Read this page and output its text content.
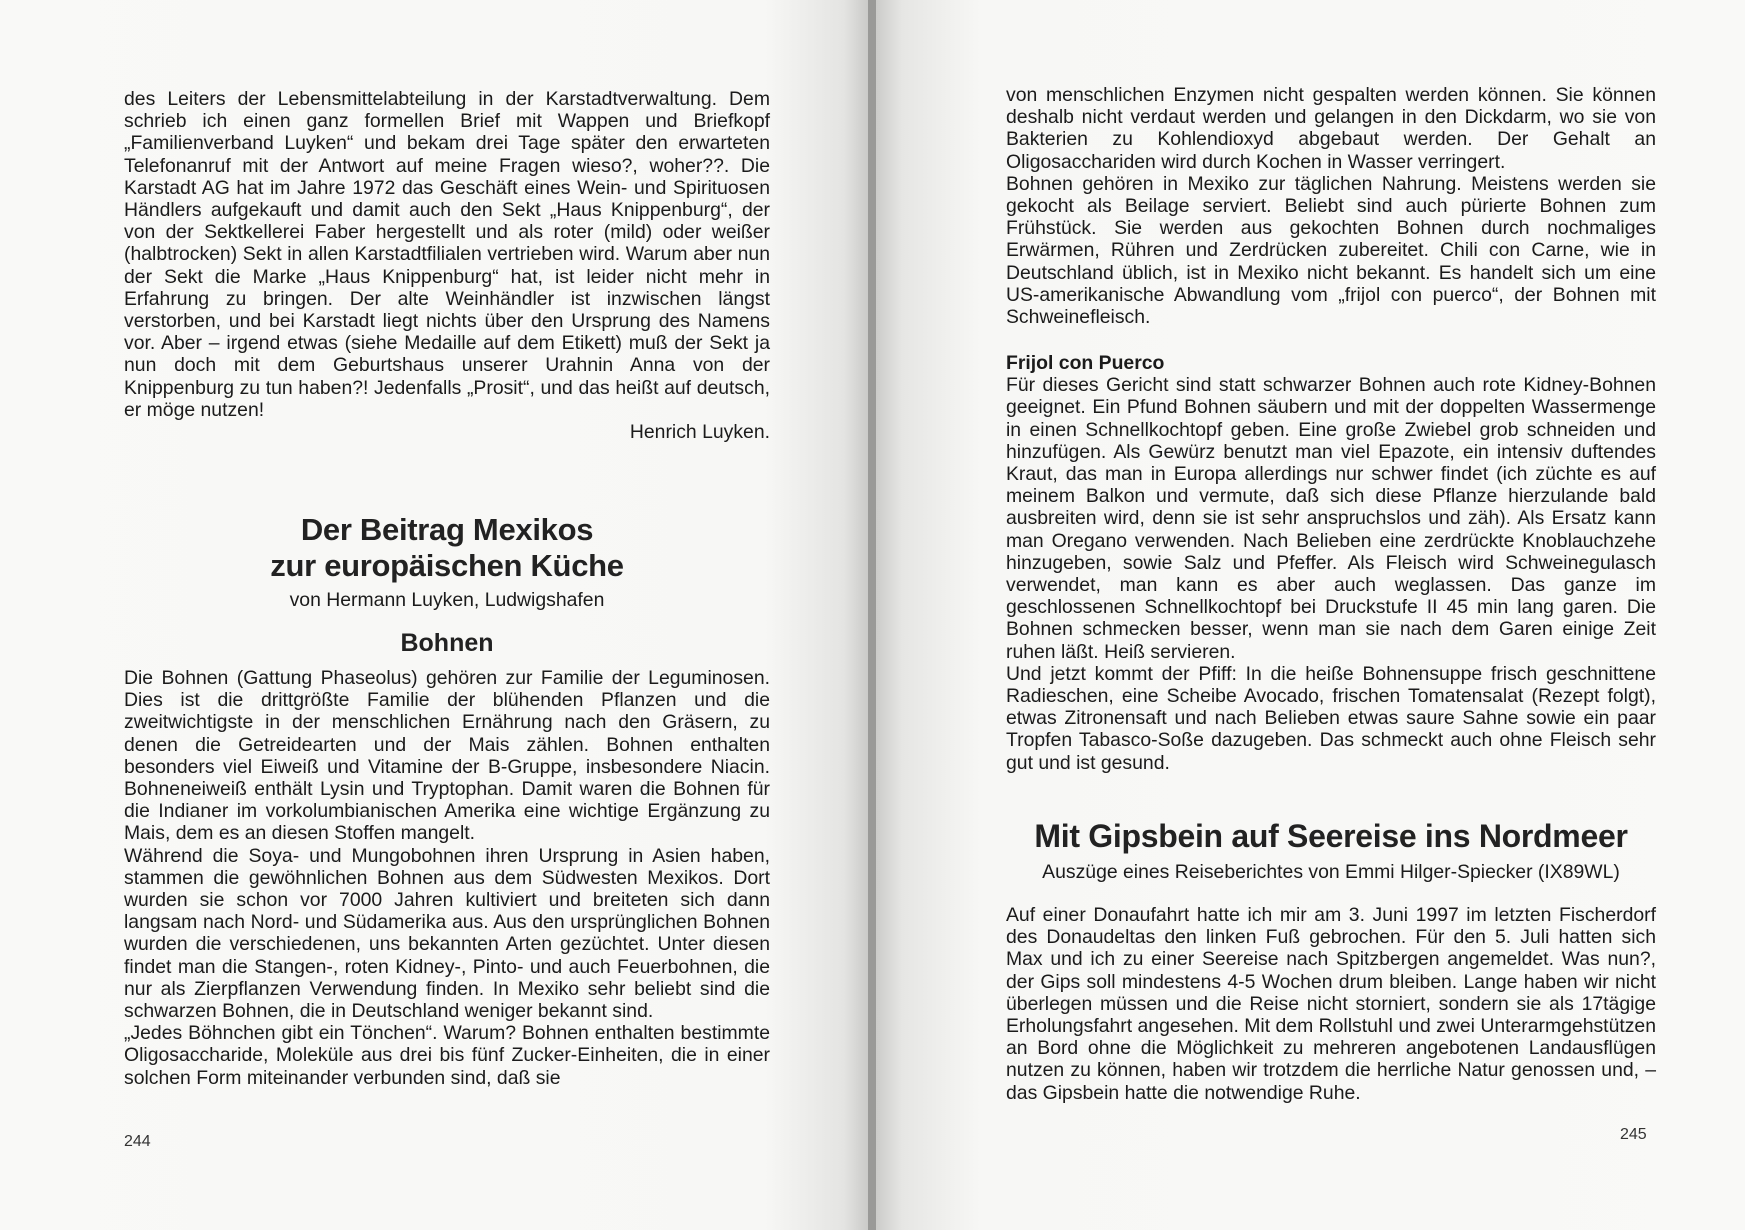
des Leiters der Lebensmittelabteilung in der Karstadtverwaltung. Dem schrieb ich einen ganz formellen Brief mit Wappen und Briefkopf „Familienverband Luyken“ und bekam drei Tage später den erwarteten Telefonanruf mit der Antwort auf meine Fragen wieso?, woher??. Die Karstadt AG hat im Jahre 1972 das Geschäft eines Wein- und Spirituosen Händlers aufgekauft und damit auch den Sekt „Haus Knippenburg“, der von der Sektkellerei Faber hergestellt und als roter (mild) oder weißer (halbtrocken) Sekt in allen Karstadtfilialen vertrieben wird. Warum aber nun der Sekt die Marke „Haus Knippenburg“ hat, ist leider nicht mehr in Erfahrung zu bringen. Der alte Weinhändler ist inzwischen längst verstorben, und bei Karstadt liegt nichts über den Ursprung des Namens vor. Aber – irgend etwas (siehe Medaille auf dem Etikett) muß der Sekt ja nun doch mit dem Geburtshaus unserer Urahnin Anna von der Knippenburg zu tun haben?! Jedenfalls „Prosit“, und das heißt auf deutsch, er möge nutzen!

Henrich Luyken.
Der Beitrag Mexikos
zur europäischen Küche
von Hermann Luyken, Ludwigshafen
Bohnen

Die Bohnen (Gattung Phaseolus) gehören zur Familie der Leguminosen. Dies ist die drittgrößte Familie der blühenden Pflanzen und die zweitwichtigste in der menschlichen Ernährung nach den Gräsern, zu denen die Getreidearten und der Mais zählen. Bohnen enthalten besonders viel Eiweiß und Vitamine der B-Gruppe, insbesondere Niacin. Bohneneiweiß enthält Lysin und Tryptophan. Damit waren die Bohnen für die Indianer im vorkolumbianischen Amerika eine wichtige Ergänzung zu Mais, dem es an diesen Stoffen mangelt.

Während die Soya- und Mungobohnen ihren Ursprung in Asien haben, stammen die gewöhnlichen Bohnen aus dem Südwesten Mexikos. Dort wurden sie schon vor 7000 Jahren kultiviert und breiteten sich dann langsam nach Nord- und Südamerika aus. Aus den ursprünglichen Bohnen wurden die verschiedenen, uns bekannten Arten gezüchtet. Unter diesen findet man die Stangen-, roten Kidney-, Pinto- und auch Feuerbohnen, die nur als Zierpflanzen Verwendung finden. In Mexiko sehr beliebt sind die schwarzen Bohnen, die in Deutschland weniger bekannt sind.

„Jedes Böhnchen gibt ein Tönchen“. Warum? Bohnen enthalten bestimmte Oligosaccharide, Moleküle aus drei bis fünf Zucker-Einheiten, die in einer solchen Form miteinander verbunden sind, daß sie

244

von menschlichen Enzymen nicht gespalten werden können. Sie können deshalb nicht verdaut werden und gelangen in den Dickdarm, wo sie von Bakterien zu Kohlendioxyd abgebaut werden. Der Gehalt an Oligosacchariden wird durch Kochen in Wasser verringert.

Bohnen gehören in Mexiko zur täglichen Nahrung. Meistens werden sie gekocht als Beilage serviert. Beliebt sind auch pürierte Bohnen zum Frühstück. Sie werden aus gekochten Bohnen durch nochmaliges Erwärmen, Rühren und Zerdrücken zubereitet. Chili con Carne, wie in Deutschland üblich, ist in Mexiko nicht bekannt. Es handelt sich um eine US-amerikanische Abwandlung vom „frijol con puerco“, der Bohnen mit Schweinefleisch.

Frijol con Puerco

Für dieses Gericht sind statt schwarzer Bohnen auch rote Kidney-Bohnen geeignet. Ein Pfund Bohnen säubern und mit der doppelten Wassermenge in einen Schnellkochtopf geben. Eine große Zwiebel grob schneiden und hinzufügen. Als Gewürz benutzt man viel Epazote, ein intensiv duftendes Kraut, das man in Europa allerdings nur schwer findet (ich züchte es auf meinem Balkon und vermute, daß sich diese Pflanze hierzulande bald ausbreiten wird, denn sie ist sehr anspruchslos und zäh). Als Ersatz kann man Oregano verwenden. Nach Belieben eine zerdrückte Knoblauchzehe hinzugeben, sowie Salz und Pfeffer. Als Fleisch wird Schweinegulasch verwendet, man kann es aber auch weglassen. Das ganze im geschlossenen Schnellkochtopf bei Druckstufe II 45 min lang garen. Die Bohnen schmecken besser, wenn man sie nach dem Garen einige Zeit ruhen läßt. Heiß servieren.

Und jetzt kommt der Pfiff: In die heiße Bohnensuppe frisch geschnittene Radieschen, eine Scheibe Avocado, frischen Tomatensalat (Rezept folgt), etwas Zitronensaft und nach Belieben etwas saure Sahne sowie ein paar Tropfen Tabasco-Soße dazugeben. Das schmeckt auch ohne Fleisch sehr gut und ist gesund.

Mit Gipsbein auf Seereise ins Nordmeer
Auszüge eines Reiseberichtes von Emmi Hilger-Spiecker (IX89WL)

Auf einer Donaufahrt hatte ich mir am 3. Juni 1997 im letzten Fischerdorf des Donaudeltas den linken Fuß gebrochen. Für den 5. Juli hatten sich Max und ich zu einer Seereise nach Spitzbergen angemeldet. Was nun?, der Gips soll mindestens 4-5 Wochen drum bleiben. Lange haben wir nicht überlegen müssen und die Reise nicht storniert, sondern sie als 17tägige Erholungsfahrt angesehen. Mit dem Rollstuhl und zwei Unterarmgehstützen an Bord ohne die Möglichkeit zu mehreren angebotenen Landausflügen nutzen zu können, haben wir trotzdem die herrliche Natur genossen und, – das Gipsbein hatte die notwendige Ruhe.

245
